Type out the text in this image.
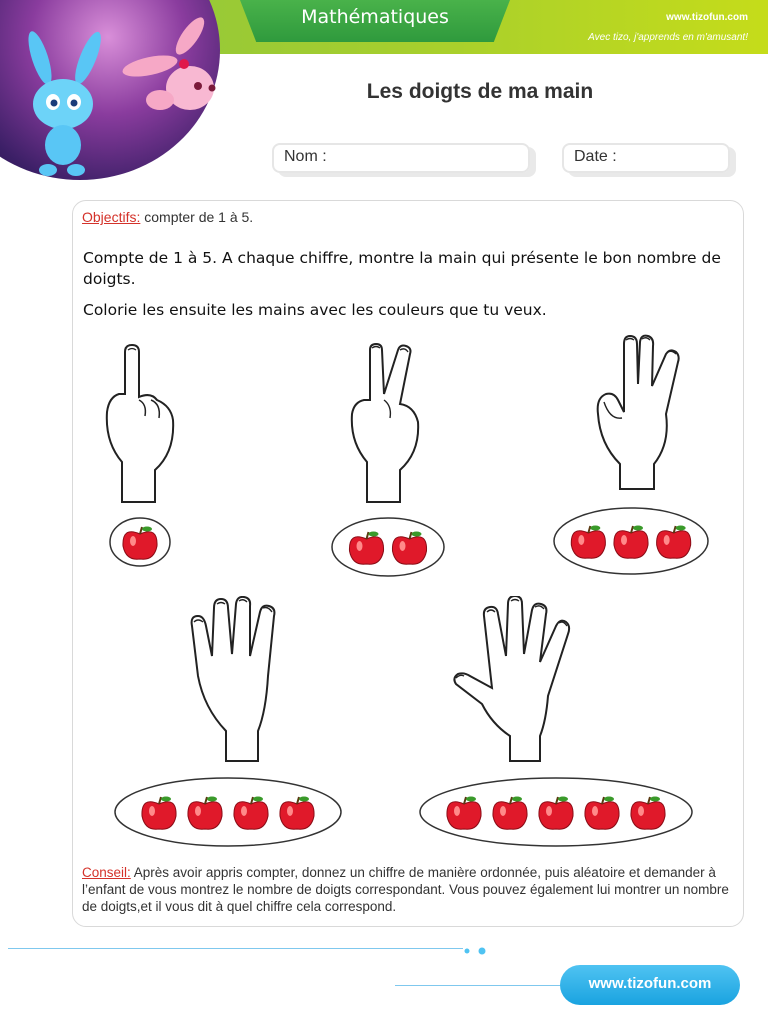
Mathématiques	www.tizofun.com
Avec tizo, j'apprends en m'amusant!
Les doigts de ma main
Nom :	Date :
Objectifs: compter de 1 à 5.
Compte de 1 à 5. A chaque chiffre, montre la main qui présente le bon nombre de doigts.
Colorie les ensuite les mains avec les couleurs que tu veux.
Conseil: Après avoir appris compter, donnez un chiffre de manière ordonnée, puis aléatoire et demander à l’enfant de vous montrez le nombre de doigts correspondant. Vous pouvez également lui montrer un nombre de doigts,et il vous dit à quel chiffre cela correspond.
www.tizofun.com
